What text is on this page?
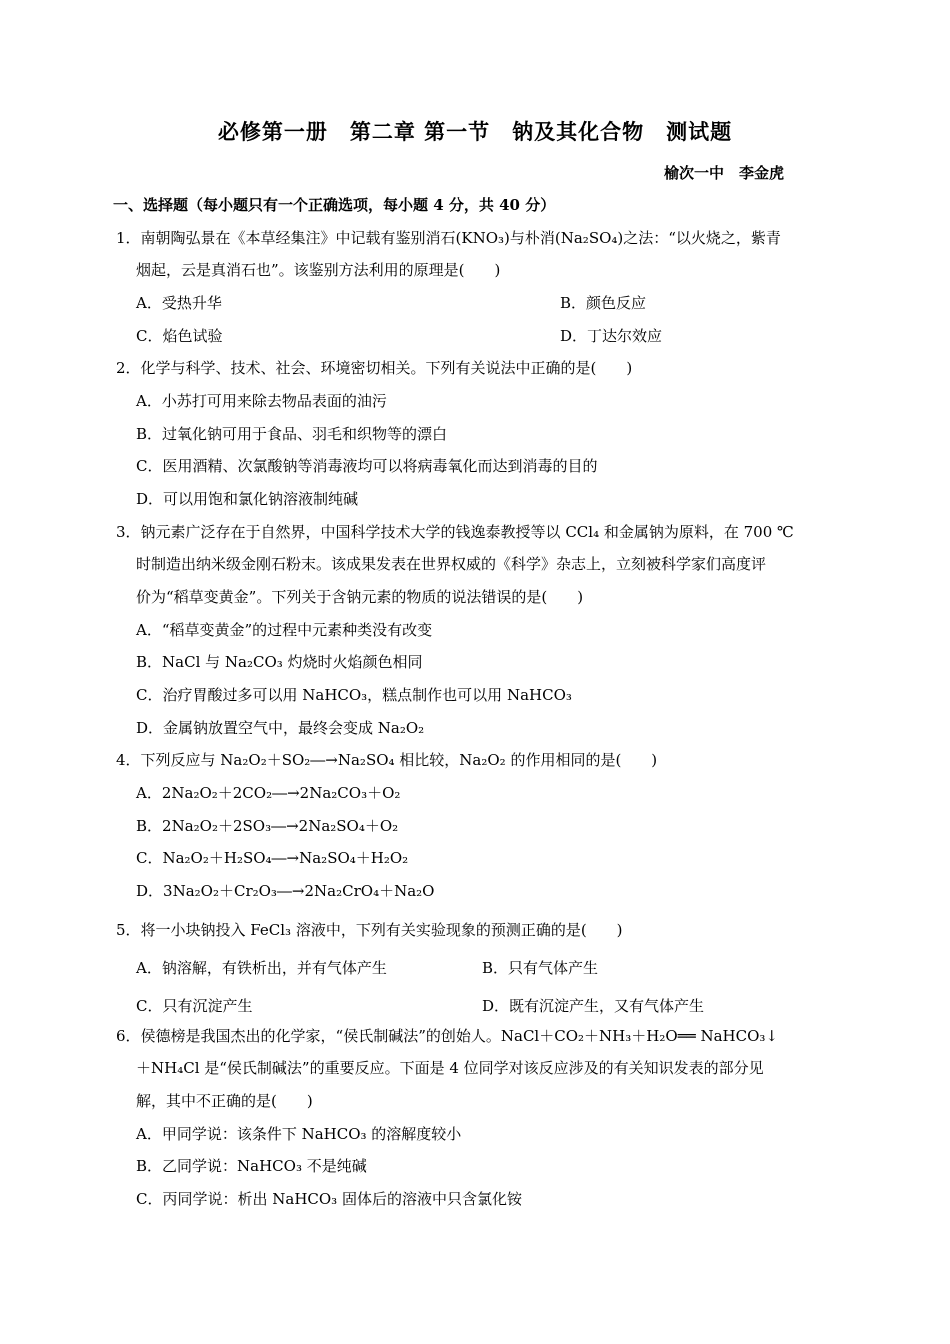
必修第一册　第二章 第一节　钠及其化合物　测试题
榆次一中　李金虎
一、选择题（每小题只有一个正确选项，每小题 4 分，共 40 分）
1．南朝陶弘景在《本草经集注》中记载有鉴别消石(KNO₃)与朴消(Na₂SO₄)之法：“以火烧之，紫青
烟起，云是真消石也”。该鉴别方法利用的原理是(　　)
A．受热升华	B．颜色反应
C．焰色试验	D．丁达尔效应
2．化学与科学、技术、社会、环境密切相关。下列有关说法中正确的是(　　)
A．小苏打可用来除去物品表面的油污
B．过氧化钠可用于食品、羽毛和织物等的漂白
C．医用酒精、次氯酸钠等消毒液均可以将病毒氧化而达到消毒的目的
D．可以用饱和氯化钠溶液制纯碱
3．钠元素广泛存在于自然界，中国科学技术大学的钱逸泰教授等以 CCl₄ 和金属钠为原料，在 700 ℃
时制造出纳米级金刚石粉末。该成果发表在世界权威的《科学》杂志上，立刻被科学家们高度评
价为“稻草变黄金”。下列关于含钠元素的物质的说法错误的是(　　)
A．“稻草变黄金”的过程中元素种类没有改变
B．NaCl 与 Na₂CO₃ 灼烧时火焰颜色相同
C．治疗胃酸过多可以用 NaHCO₃，糕点制作也可以用 NaHCO₃
D．金属钠放置空气中，最终会变成 Na₂O₂
4．下列反应与 Na₂O₂＋SO₂―→Na₂SO₄ 相比较，Na₂O₂ 的作用相同的是(　　)
A．2Na₂O₂＋2CO₂―→2Na₂CO₃＋O₂
B．2Na₂O₂＋2SO₃―→2Na₂SO₄＋O₂
C．Na₂O₂＋H₂SO₄―→Na₂SO₄＋H₂O₂
D．3Na₂O₂＋Cr₂O₃―→2Na₂CrO₄＋Na₂O
5．将一小块钠投入 FeCl₃ 溶液中，下列有关实验现象的预测正确的是(　　)
A．钠溶解，有铁析出，并有气体产生	B．只有气体产生
C．只有沉淀产生	D．既有沉淀产生，又有气体产生
6．侯德榜是我国杰出的化学家，“侯氏制碱法”的创始人。NaCl＋CO₂＋NH₃＋H₂O══ NaHCO₃↓
＋NH₄Cl 是“侯氏制碱法”的重要反应。下面是 4 位同学对该反应涉及的有关知识发表的部分见
解，其中不正确的是(　　)
A．甲同学说：该条件下 NaHCO₃ 的溶解度较小
B．乙同学说：NaHCO₃ 不是纯碱
C．丙同学说：析出 NaHCO₃ 固体后的溶液中只含氯化铵
